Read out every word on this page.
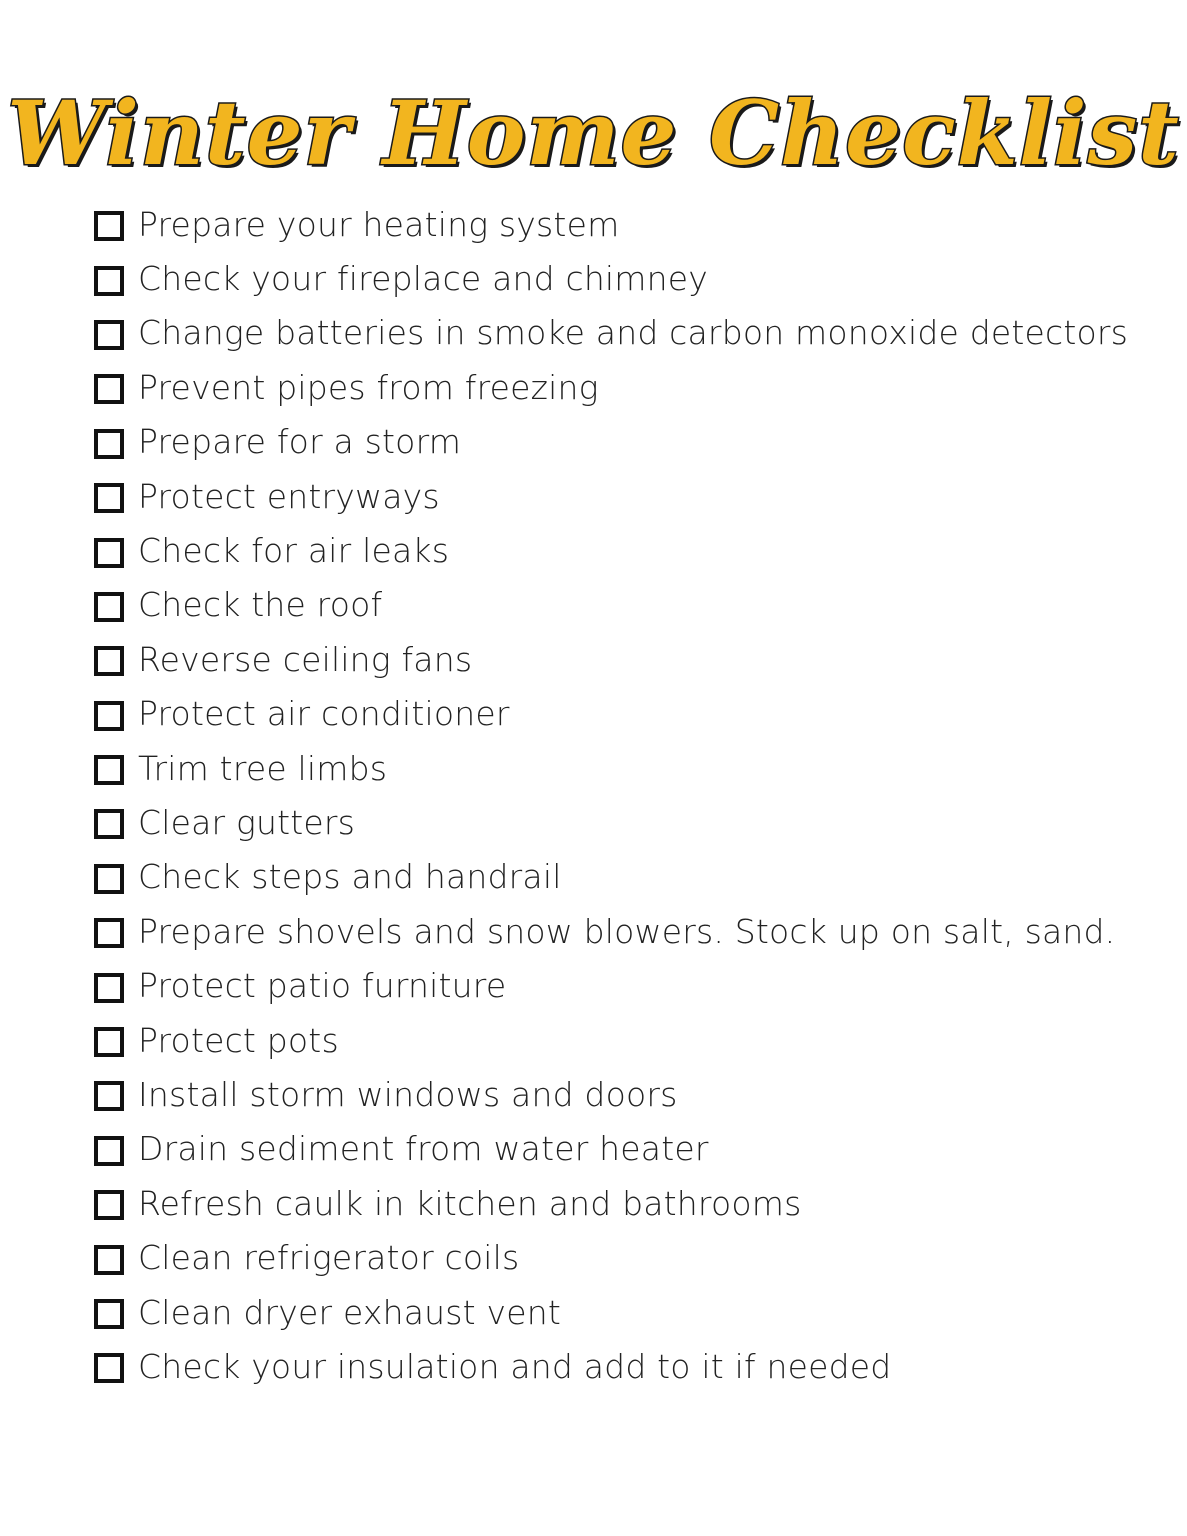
Winter Home Checklist
Prepare your heating system
Check your fireplace and chimney
Change batteries in smoke and carbon monoxide detectors
Prevent pipes from freezing
Prepare for a storm
Protect entryways
Check for air leaks
Check the roof
Reverse ceiling fans
Protect air conditioner
Trim tree limbs
Clear gutters
Check steps and handrail
Prepare shovels and snow blowers. Stock up on salt, sand.
Protect patio furniture
Protect pots
Install storm windows and doors
Drain sediment from water heater
Refresh caulk in kitchen and bathrooms
Clean refrigerator coils
Clean dryer exhaust vent
Check your insulation and add to it if needed
